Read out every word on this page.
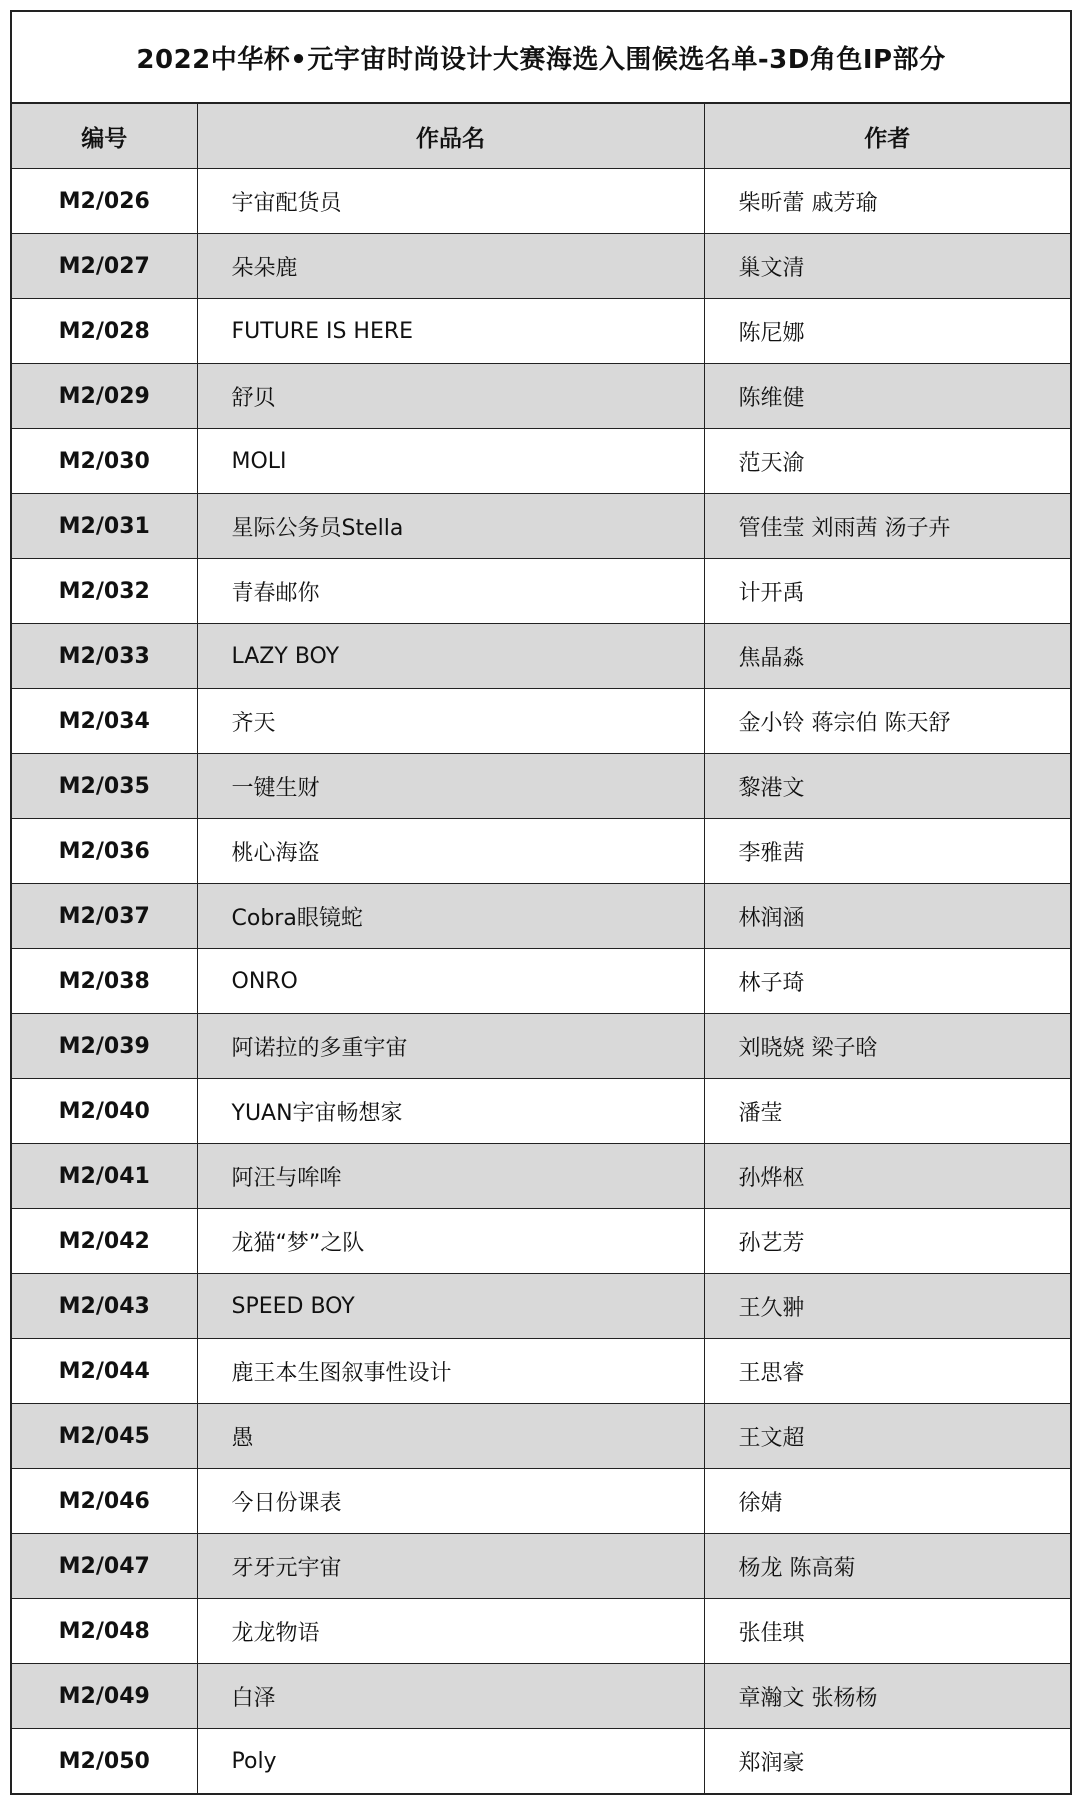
2022中华杯•元宇宙时尚设计大赛海选入围候选名单-3D角色IP部分
编号	作品名	作者
M2/026	宇宙配货员	柴昕蕾 戚芳瑜
M2/027	朵朵鹿	巢文清
M2/028	FUTURE IS HERE	陈尼娜
M2/029	舒贝	陈维健
M2/030	MOLI	范天渝
M2/031	星际公务员Stella	管佳莹 刘雨茜 汤子卉
M2/032	青春邮你	计开禹
M2/033	LAZY BOY	焦晶淼
M2/034	齐天	金小铃 蒋宗伯 陈天舒
M2/035	一键生财	黎港文
M2/036	桃心海盗	李雅茜
M2/037	Cobra眼镜蛇	林润涵
M2/038	ONRO	林子琦
M2/039	阿诺拉的多重宇宙	刘晓娆 梁子晗
M2/040	YUAN宇宙畅想家	潘莹
M2/041	阿汪与哞哞	孙烨枢
M2/042	龙猫“梦”之队	孙艺芳
M2/043	SPEED BOY	王久翀
M2/044	鹿王本生图叙事性设计	王思睿
M2/045	愚	王文超
M2/046	今日份课表	徐婧
M2/047	牙牙元宇宙	杨龙 陈高菊
M2/048	龙龙物语	张佳琪
M2/049	白泽	章瀚文 张杨杨
M2/050	Poly	郑润豪
